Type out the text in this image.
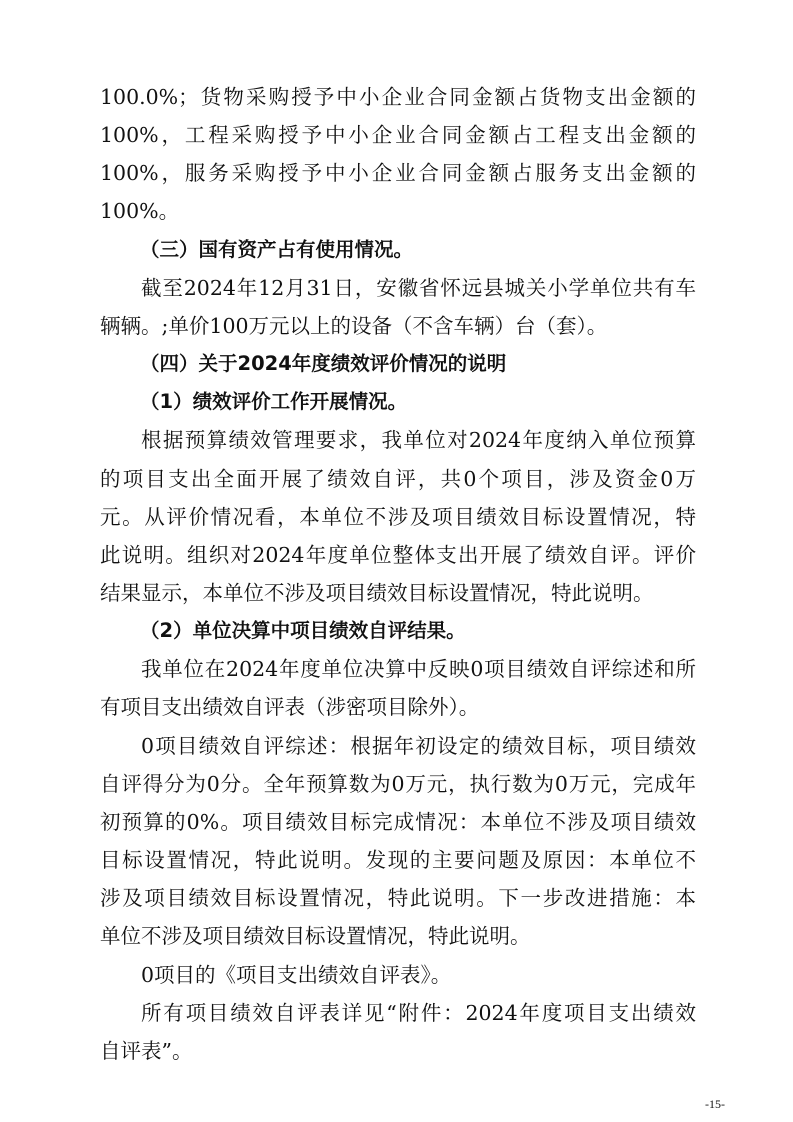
100.0%；货物采购授予中小企业合同金额占货物支出金额的

100%，工程采购授予中小企业合同金额占工程支出金额的

100%，服务采购授予中小企业合同金额占服务支出金额的

100%。

（三）国有资产占有使用情况。

截至2024年12月31日，安徽省怀远县城关小学单位共有车

辆辆。;单价100万元以上的设备（不含车辆）台（套）。

（四）关于2024年度绩效评价情况的说明

（1）绩效评价工作开展情况。

根据预算绩效管理要求，我单位对2024年度纳入单位预算

的项目支出全面开展了绩效自评，共0个项目，涉及资金0万

元。从评价情况看，本单位不涉及项目绩效目标设置情况，特

此说明。组织对2024年度单位整体支出开展了绩效自评。评价

结果显示，本单位不涉及项目绩效目标设置情况，特此说明。

（2）单位决算中项目绩效自评结果。

我单位在2024年度单位决算中反映0项目绩效自评综述和所

有项目支出绩效自评表（涉密项目除外）。

0项目绩效自评综述：根据年初设定的绩效目标，项目绩效

自评得分为0分。全年预算数为0万元，执行数为0万元，完成年

初预算的0%。项目绩效目标完成情况：本单位不涉及项目绩效

目标设置情况，特此说明。发现的主要问题及原因：本单位不

涉及项目绩效目标设置情况，特此说明。下一步改进措施：本

单位不涉及项目绩效目标设置情况，特此说明。

0项目的《项目支出绩效自评表》。

所有项目绩效自评表详见“附件：2024年度项目支出绩效

自评表”。

-15-
